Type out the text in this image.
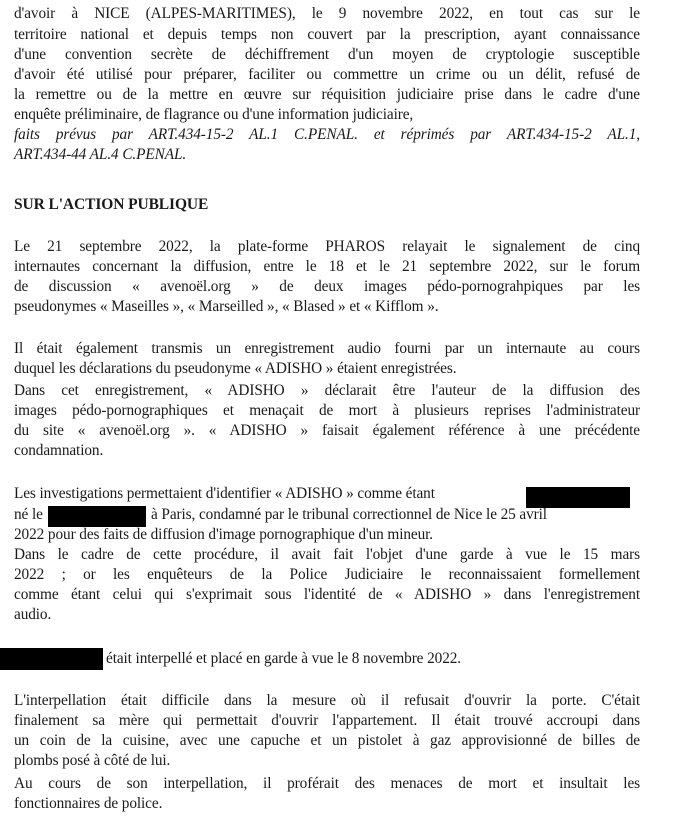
d'avoir à NICE (ALPES-MARITIMES), le 9 novembre 2022, en tout cas sur le
territoire national et depuis temps non couvert par la prescription, ayant connaissance
d'une convention secrète de déchiffrement d'un moyen de cryptologie susceptible
d'avoir été utilisé pour préparer, faciliter ou commettre un crime ou un délit, refusé de
la remettre ou de la mettre en œuvre sur réquisition judiciaire prise dans le cadre d'une
enquête préliminaire, de flagrance ou d'une information judiciaire,
faits prévus par ART.434-15-2 AL.1 C.PENAL. et réprimés par ART.434-15-2 AL.1,
ART.434-44 AL.4 C.PENAL.
SUR L'ACTION PUBLIQUE
Le 21 septembre 2022, la plate-forme PHAROS relayait le signalement de cinq
internautes concernant la diffusion, entre le 18 et le 21 septembre 2022, sur le forum
de discussion « avenoël.org » de deux images pédo-pornograhpiques par les
pseudonymes « Maseilles », « Marseilled », « Blased » et « Kifflom ».
Il était également transmis un enregistrement audio fourni par un internaute au cours
duquel les déclarations du pseudonyme « ADISHO » étaient enregistrées.
Dans cet enregistrement, « ADISHO » déclarait être l'auteur de la diffusion des
images pédo-pornographiques et menaçait de mort à plusieurs reprises l'administrateur
du site « avenoël.org ». « ADISHO » faisait également référence à une précédente
condamnation.
Les investigations permettaient d'identifier « ADISHO » comme étant
né le	à Paris, condamné par le tribunal correctionnel de Nice le 25 avril
2022 pour des faits de diffusion d'image pornographique d'un mineur.
Dans le cadre de cette procédure, il avait fait l'objet d'une garde à vue le 15 mars
2022 ; or les enquêteurs de la Police Judiciaire le reconnaissaient formellement
comme étant celui qui s'exprimait sous l'identité de « ADISHO » dans l'enregistrement
audio.
était interpellé et placé en garde à vue le 8 novembre 2022.
L'interpellation était difficile dans la mesure où il refusait d'ouvrir la porte. C'était
finalement sa mère qui permettait d'ouvrir l'appartement. Il était trouvé accroupi dans
un coin de la cuisine, avec une capuche et un pistolet à gaz approvisionné de billes de
plombs posé à côté de lui.
Au cours de son interpellation, il proférait des menaces de mort et insultait les
fonctionnaires de police.
